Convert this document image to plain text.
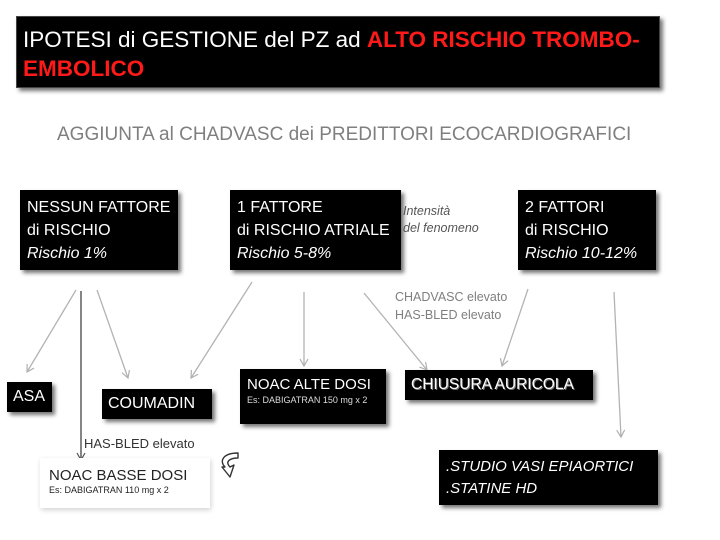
IPOTESI di GESTIONE del PZ ad ALTO RISCHIO TROMBO-EMBOLICO
AGGIUNTA al CHADVASC dei PREDITTORI ECOCARDIOGRAFICI
NESSUN FATTORE
di RISCHIO
Rischio 1%
1 FATTORE
di RISCHIO ATRIALE
Rischio 5-8%
Intensità
del fenomeno
2 FATTORI
di RISCHIO
Rischio 10-12%
CHADVASC elevato
HAS-BLED elevato
ASA	COUMADIN
NOAC ALTE DOSI
Es: DABIGATRAN 150 mg x 2
CHIUSURA AURICOLA
HAS-BLED elevato
NOAC BASSE DOSI
Es: DABIGATRAN 110 mg x 2
.STUDIO VASI EPIAORTICI
.STATINE HD
